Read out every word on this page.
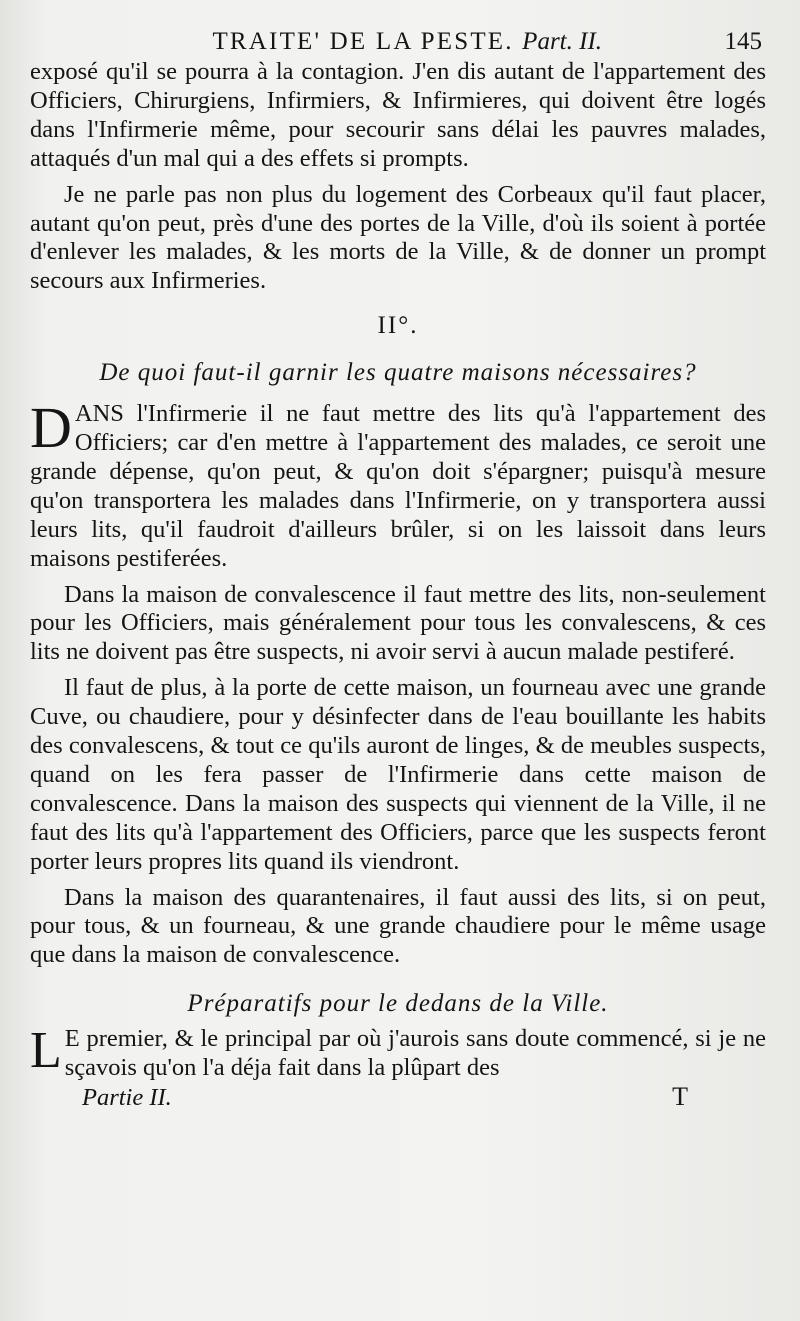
TRAITE' DE LA PESTE. Part. II.	145

exposé qu'il se pourra à la contagion. J'en dis autant de l'appartement des Officiers, Chirurgiens, Infirmiers, & Infirmieres, qui doivent être logés dans l'Infirmerie même, pour secourir sans délai les pauvres malades, attaqués d'un mal qui a des effets si prompts.

Je ne parle pas non plus du logement des Corbeaux qu'il faut placer, autant qu'on peut, près d'une des portes de la Ville, d'où ils soient à portée d'enlever les malades, & les morts de la Ville, & de donner un prompt secours aux Infirmeries.

II°.
De quoi faut-il garnir les quatre maisons nécessaires?

DANS l'Infirmerie il ne faut mettre des lits qu'à l'appartement des Officiers; car d'en mettre à l'appartement des malades, ce seroit une grande dépense, qu'on peut, & qu'on doit s'épargner; puisqu'à mesure qu'on transportera les malades dans l'Infirmerie, on y transportera aussi leurs lits, qu'il faudroit d'ailleurs brûler, si on les laissoit dans leurs maisons pestiferées.

Dans la maison de convalescence il faut mettre des lits, non-seulement pour les Officiers, mais généralement pour tous les convalescens, & ces lits ne doivent pas être suspects, ni avoir servi à aucun malade pestiferé.

Il faut de plus, à la porte de cette maison, un fourneau avec une grande Cuve, ou chaudiere, pour y désinfecter dans de l'eau bouillante les habits des convalescens, & tout ce qu'ils auront de linges, & de meubles suspects, quand on les fera passer de l'Infirmerie dans cette maison de convalescence. Dans la maison des suspects qui viennent de la Ville, il ne faut des lits qu'à l'appartement des Officiers, parce que les suspects feront porter leurs propres lits quand ils viendront.

Dans la maison des quarantenaires, il faut aussi des lits, si on peut, pour tous, & un fourneau, & une grande chaudiere pour le même usage que dans la maison de convalescence.

Préparatifs pour le dedans de la Ville.

L E premier, & le principal par où j'aurois sans doute commencé, si je ne sçavois qu'on l'a déja fait dans la plûpart des

Partie II.	T
